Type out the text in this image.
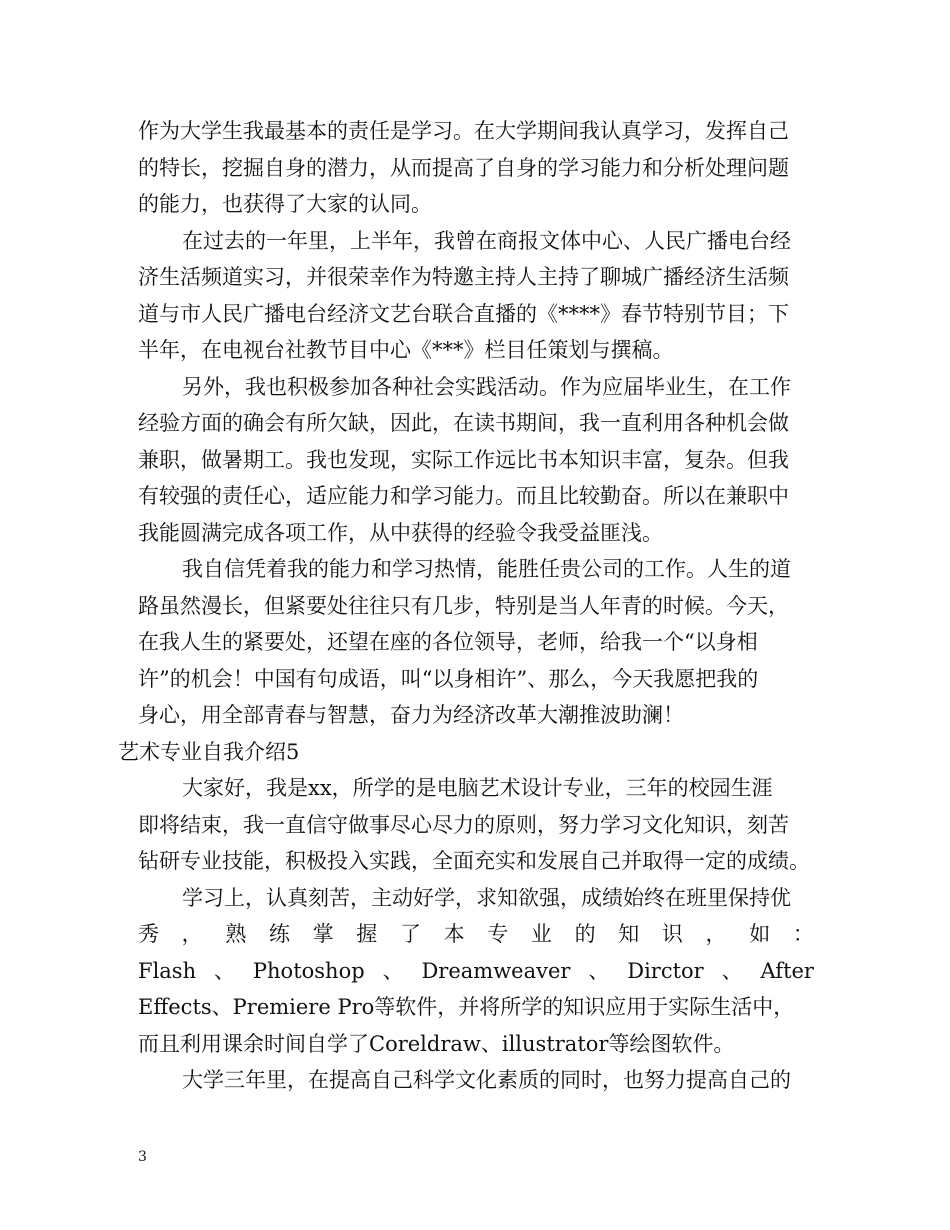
作为大学生我最基本的责任是学习。在大学期间我认真学习，发挥自己
的特长，挖掘自身的潜力，从而提高了自身的学习能力和分析处理问题
的能力，也获得了大家的认同。
在过去的一年里，上半年，我曾在商报文体中心、人民广播电台经
济生活频道实习，并很荣幸作为特邀主持人主持了聊城广播经济生活频
道与市人民广播电台经济文艺台联合直播的《****》春节特别节目；下
半年，在电视台社教节目中心《***》栏目任策划与撰稿。
另外，我也积极参加各种社会实践活动。作为应届毕业生，在工作
经验方面的确会有所欠缺，因此，在读书期间，我一直利用各种机会做
兼职，做暑期工。我也发现，实际工作远比书本知识丰富，复杂。但我
有较强的责任心，适应能力和学习能力。而且比较勤奋。所以在兼职中
我能圆满完成各项工作，从中获得的经验令我受益匪浅。
我自信凭着我的能力和学习热情，能胜任贵公司的工作。人生的道
路虽然漫长，但紧要处往往只有几步，特别是当人年青的时候。今天，
在我人生的紧要处，还望在座的各位领导，老师，给我一个“以身相
许”的机会！中国有句成语，叫“以身相许”、那么，今天我愿把我的
身心，用全部青春与智慧，奋力为经济改革大潮推波助澜！
艺术专业自我介绍5
大家好，我是xx，所学的是电脑艺术设计专业，三年的校园生涯
即将结束，我一直信守做事尽心尽力的原则，努力学习文化知识，刻苦
钻研专业技能，积极投入实践，全面充实和发展自己并取得一定的成绩。
学习上，认真刻苦，主动好学，求知欲强，成绩始终在班里保持优
秀 ， 熟 练 掌 握 了 本 专 业 的 知 识 ， 如 ：
Flash 、 Photoshop 、 Dreamweaver 、 Dirctor 、 After
Effects、Premiere Pro等软件，并将所学的知识应用于实际生活中，
而且利用课余时间自学了Coreldraw、illustrator等绘图软件。
大学三年里，在提高自己科学文化素质的同时，也努力提高自己的
3
